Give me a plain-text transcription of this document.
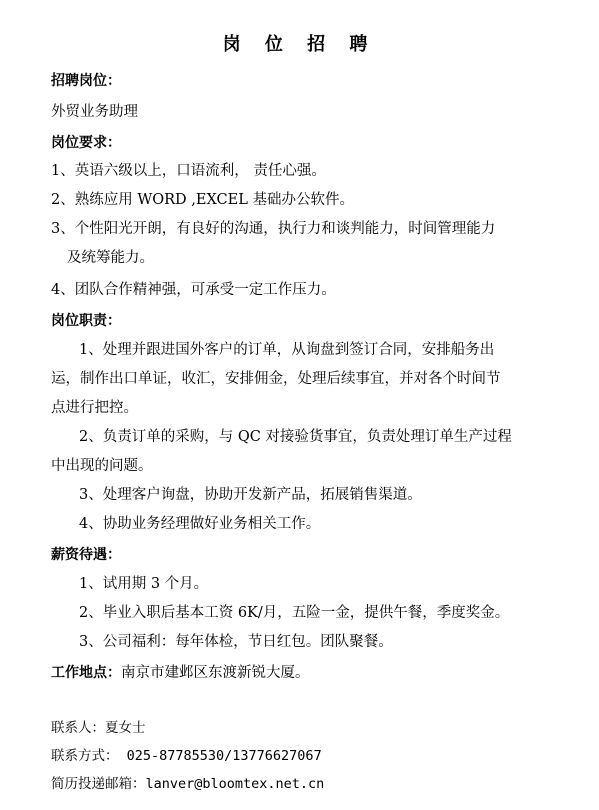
岗 位 招 聘
招聘岗位：
外贸业务助理
岗位要求：
1、英语六级以上，口语流利， 责任心强。
2、熟练应用 WORD ,EXCEL 基础办公软件。
3、个性阳光开朗，有良好的沟通，执行力和谈判能力，时间管理能力
及统筹能力。
4、团队合作精神强，可承受一定工作压力。
岗位职责：
1、处理并跟进国外客户的订单，从询盘到签订合同，安排船务出
运，制作出口单证，收汇，安排佣金，处理后续事宜，并对各个时间节
点进行把控。
2、负责订单的采购，与 QC 对接验货事宜，负责处理订单生产过程
中出现的问题。
3、处理客户询盘，协助开发新产品，拓展销售渠道。
4、协助业务经理做好业务相关工作。
薪资待遇：
1、试用期 3 个月。
2、毕业入职后基本工资 6K/月，五险一金，提供午餐，季度奖金。
3、公司福利：每年体检，节日红包。团队聚餐。
工作地点：南京市建邺区东渡新锐大厦。
联系人：夏女士
联系方式： 025-87785530/13776627067
简历投递邮箱：lanver@bloomtex.net.cn
